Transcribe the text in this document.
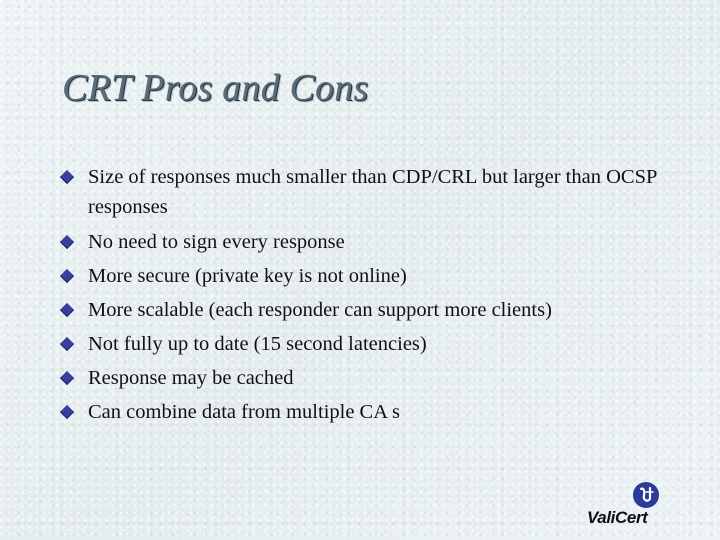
CRT Pros and Cons
Size of responses much smaller than CDP/CRL but larger than OCSP responses
No need to sign every response
More secure (private key is not online)
More scalable (each responder can support more clients)
Not fully up to date (15 second latencies)
Response may be cached
Can combine data from multiple CA s
ValiCert
